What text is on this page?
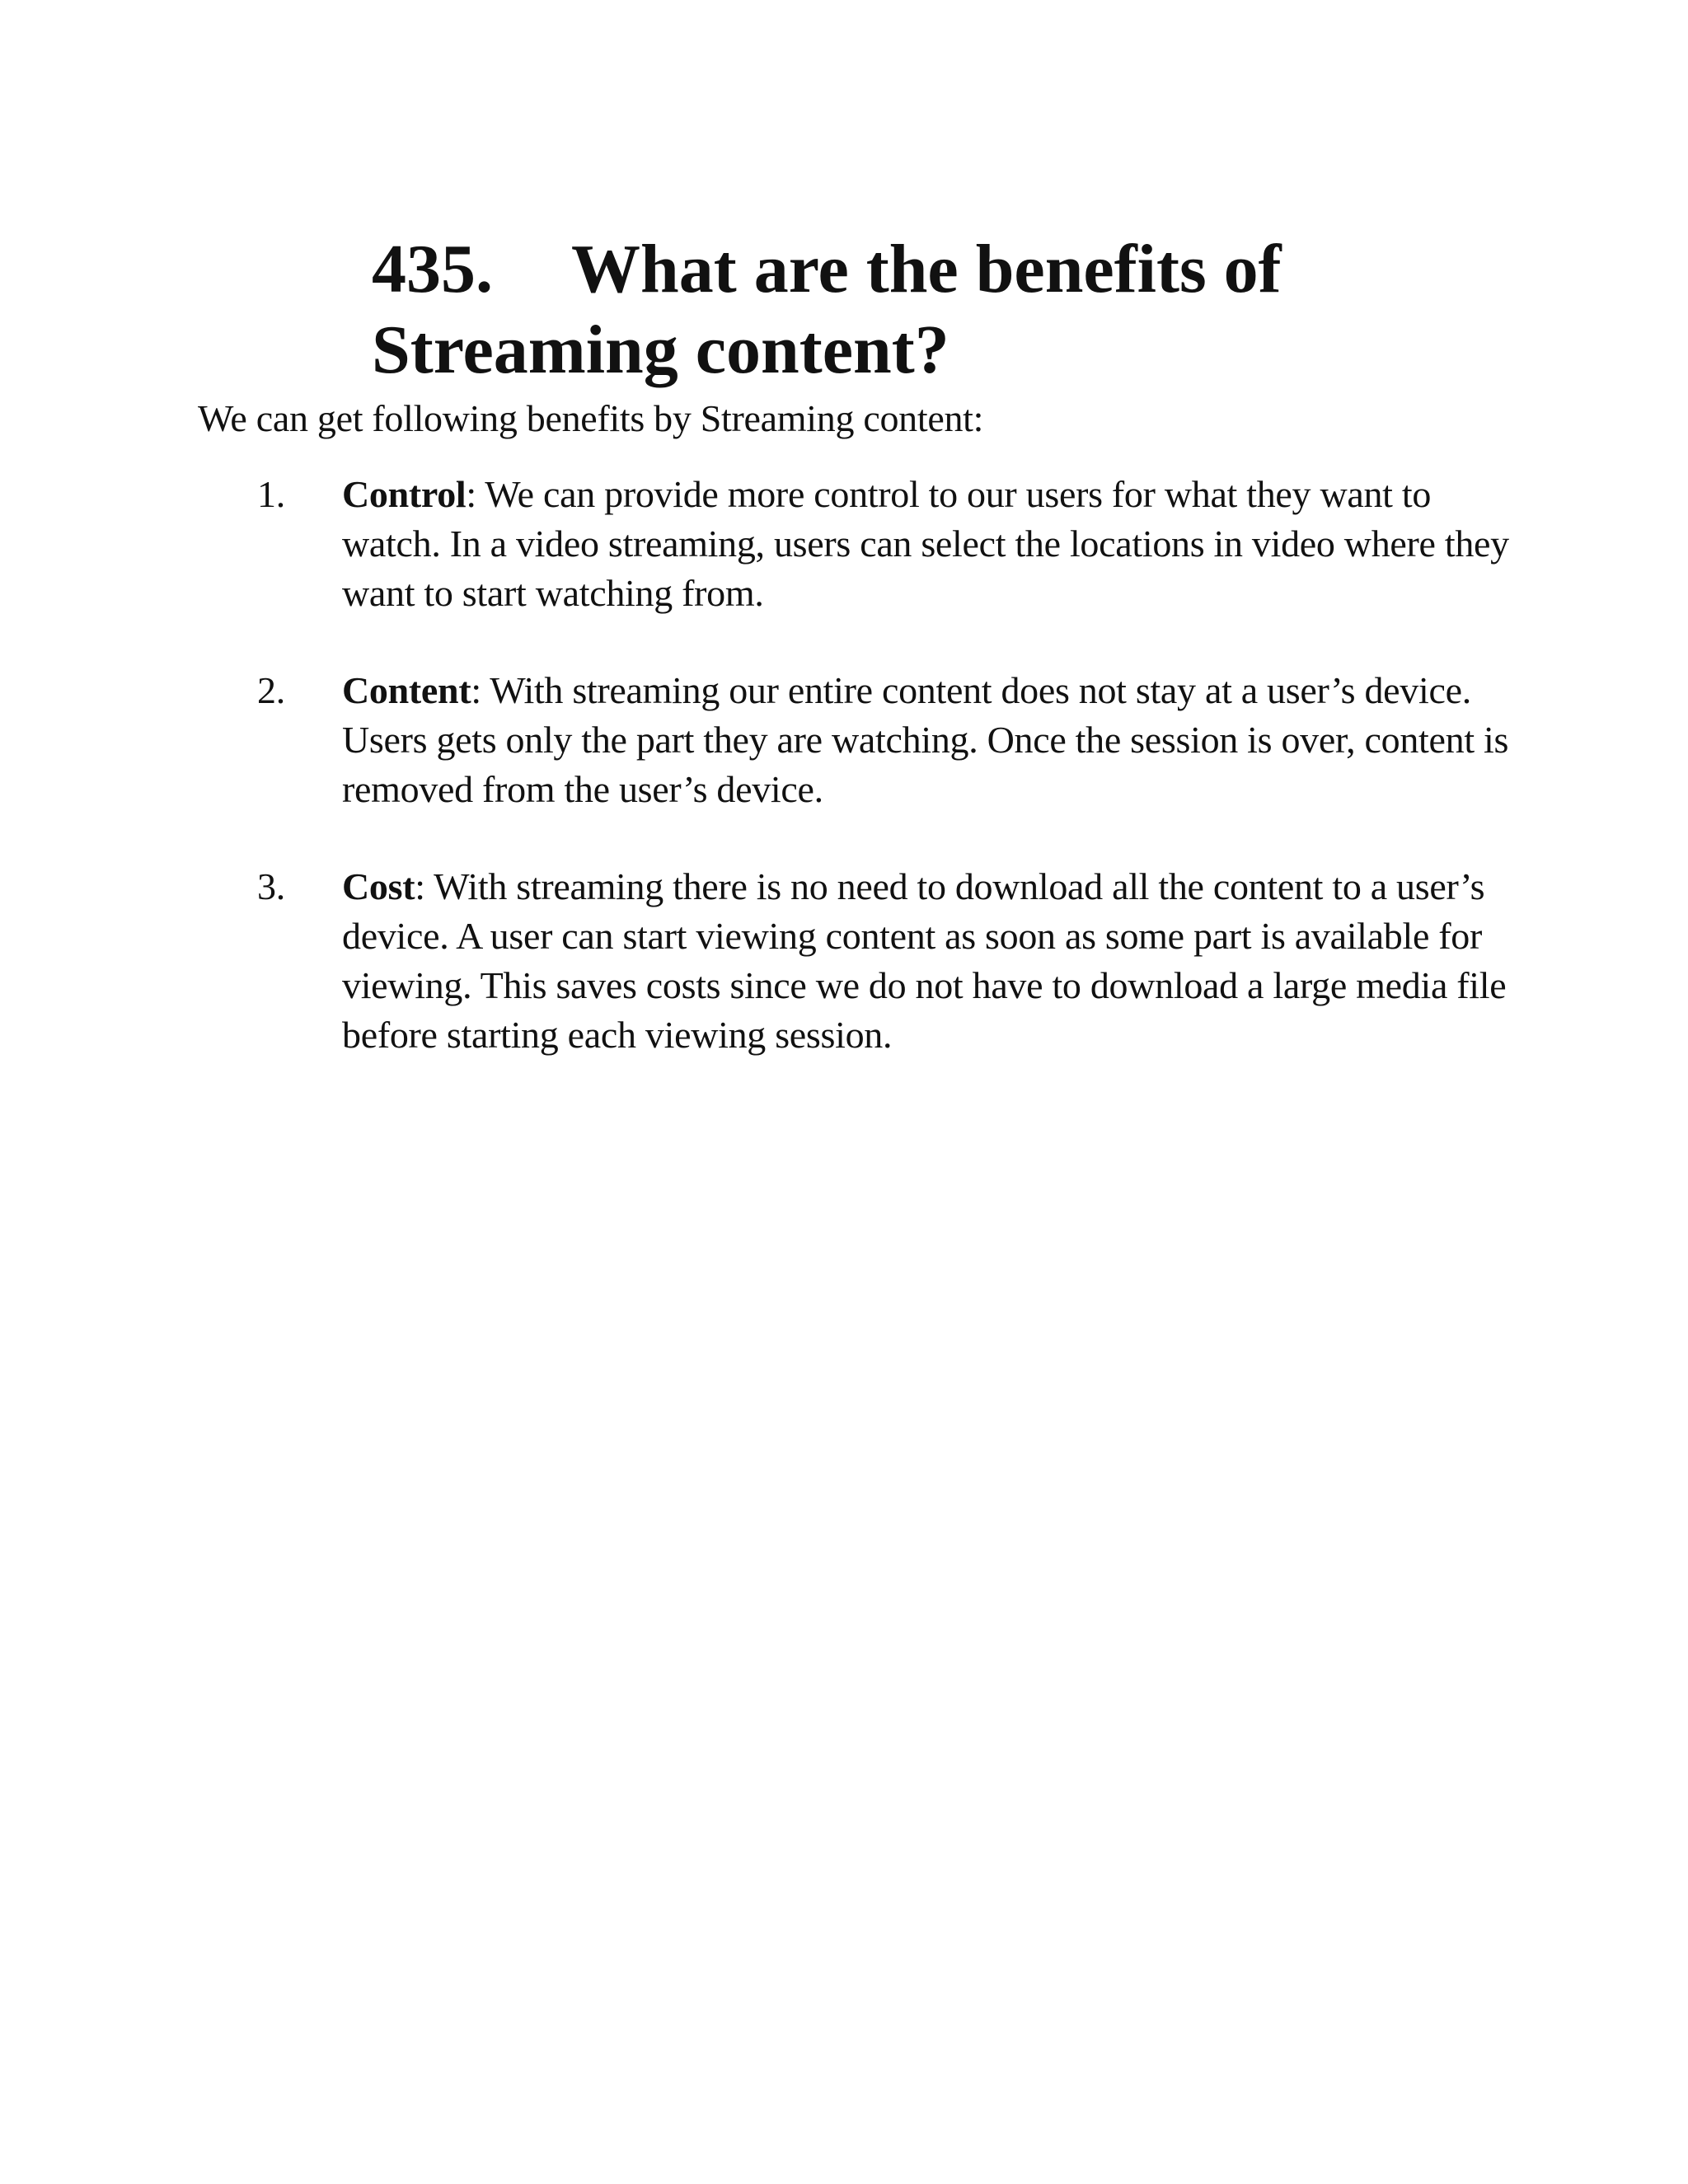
435. What are the benefits of Streaming content?

We can get following benefits by Streaming content:

1. Control: We can provide more control to our users for what they want to watch. In a video streaming, users can select the locations in video where they want to start watching from.
2. Content: With streaming our entire content does not stay at a user’s device. Users gets only the part they are watching. Once the session is over, content is removed from the user’s device.
3. Cost: With streaming there is no need to download all the content to a user’s device. A user can start viewing content as soon as some part is available for viewing. This saves costs since we do not have to download a large media file before starting each viewing session.
